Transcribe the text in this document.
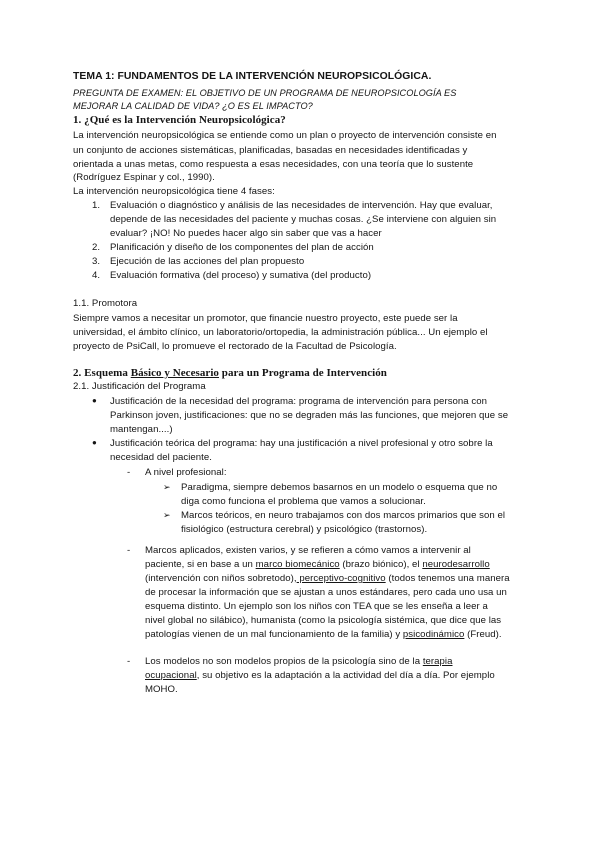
TEMA 1: FUNDAMENTOS DE LA INTERVENCIÓN NEUROPSICOLÓGICA.
PREGUNTA DE EXAMEN: EL OBJETIVO DE UN PROGRAMA DE NEUROPSICOLOGÍA ES
MEJORAR LA CALIDAD DE VIDA? ¿O ES EL IMPACTO?
1. ¿Qué es la Intervención Neuropsicológica?
La intervención neuropsicológica se entiende como un plan o proyecto de intervención consiste en
un conjunto de acciones sistemáticas, planificadas, basadas en necesidades identificadas y
orientada a unas metas, como respuesta a esas necesidades, con una teoría que lo sustente
(Rodríguez Espinar y col., 1990).
La intervención neuropsicológica tiene 4 fases:
1. Evaluación o diagnóstico y análisis de las necesidades de intervención. Hay que evaluar,
depende de las necesidades del paciente y muchas cosas. ¿Se interviene con alguien sin
evaluar? ¡NO! No puedes hacer algo sin saber que vas a hacer
2. Planificación y diseño de los componentes del plan de acción
3. Ejecución de las acciones del plan propuesto
4. Evaluación formativa (del proceso) y sumativa (del producto)
1.1. Promotora
Siempre vamos a necesitar un promotor, que financie nuestro proyecto, este puede ser la
universidad, el ámbito clínico, un laboratorio/ortopedia, la administración pública... Un ejemplo el
proyecto de PsiCall, lo promueve el rectorado de la Facultad de Psicología.
2. Esquema Básico y Necesario para un Programa de Intervención
2.1. Justificación del Programa
● Justificación de la necesidad del programa: programa de intervención para persona con
Parkinson joven, justificaciones: que no se degraden más las funciones, que mejoren que se
mantengan....)
● Justificación teórica del programa: hay una justificación a nivel profesional y otro sobre la
necesidad del paciente.
- A nivel profesional:
➢ Paradigma, siempre debemos basarnos en un modelo o esquema que no
diga como funciona el problema que vamos a solucionar.
➢ Marcos teóricos, en neuro trabajamos con dos marcos primarios que son el
fisiológico (estructura cerebral) y psicológico (trastornos).
- Marcos aplicados, existen varios, y se refieren a cómo vamos a intervenir al
paciente, si en base a un marco biomecánico (brazo biónico), el neurodesarrollo
(intervención con niños sobretodo), perceptivo-cognitivo (todos tenemos una manera
de procesar la información que se ajustan a unos estándares, pero cada uno usa un
esquema distinto. Un ejemplo son los niños con TEA que se les enseña a leer a
nivel global no silábico), humanista (como la psicología sistémica, que dice que las
patologías vienen de un mal funcionamiento de la familia) y psicodinámico (Freud).
- Los modelos no son modelos propios de la psicología sino de la terapia
ocupacional, su objetivo es la adaptación a la actividad del día a día. Por ejemplo
MOHO.
